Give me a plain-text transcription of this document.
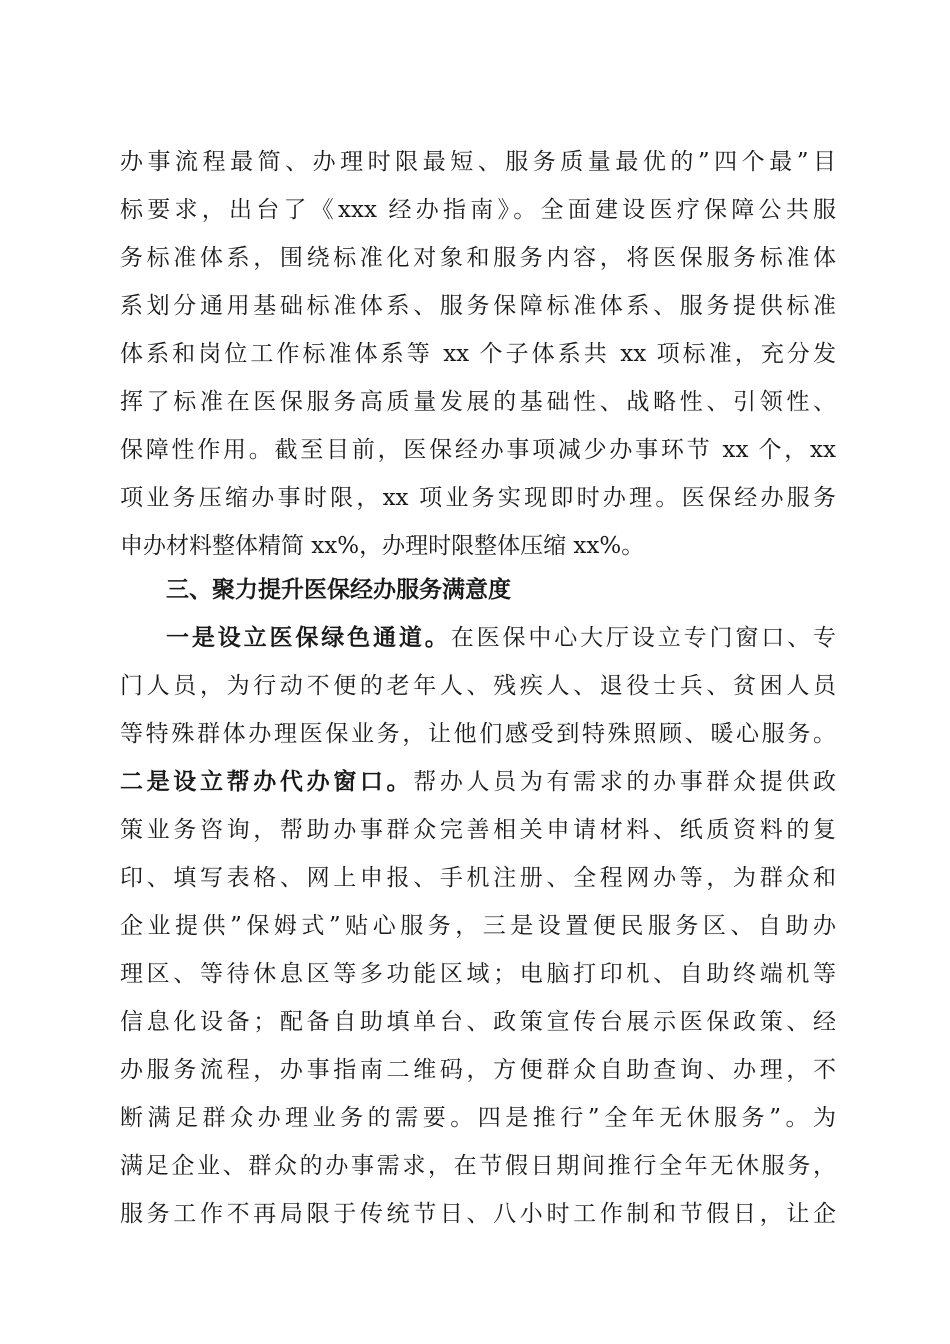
办事流程最简、办理时限最短、服务质量最优的”四个最”目
标要求，出台了《xxx 经办指南》。全面建设医疗保障公共服
务标准体系，围绕标准化对象和服务内容，将医保服务标准体
系划分通用基础标准体系、服务保障标准体系、服务提供标准
体系和岗位工作标准体系等 xx 个子体系共 xx 项标准，充分发
挥了标准在医保服务高质量发展的基础性、战略性、引领性、
保障性作用。截至目前，医保经办事项减少办事环节 xx 个，xx
项业务压缩办事时限，xx 项业务实现即时办理。医保经办服务
申办材料整体精简 xx%，办理时限整体压缩 xx%。
三、聚力提升医保经办服务满意度
一是设立医保绿色通道。在医保中心大厅设立专门窗口、专
门人员，为行动不便的老年人、残疾人、退役士兵、贫困人员
等特殊群体办理医保业务，让他们感受到特殊照顾、暖心服务。
二是设立帮办代办窗口。帮办人员为有需求的办事群众提供政
策业务咨询，帮助办事群众完善相关申请材料、纸质资料的复
印、填写表格、网上申报、手机注册、全程网办等，为群众和
企业提供”保姆式”贴心服务，三是设置便民服务区、自助办
理区、等待休息区等多功能区域；电脑打印机、自助终端机等
信息化设备；配备自助填单台、政策宣传台展示医保政策、经
办服务流程，办事指南二维码，方便群众自助查询、办理，不
断满足群众办理业务的需要。四是推行”全年无休服务”。为
满足企业、群众的办事需求，在节假日期间推行全年无休服务，
服务工作不再局限于传统节日、八小时工作制和节假日，让企
